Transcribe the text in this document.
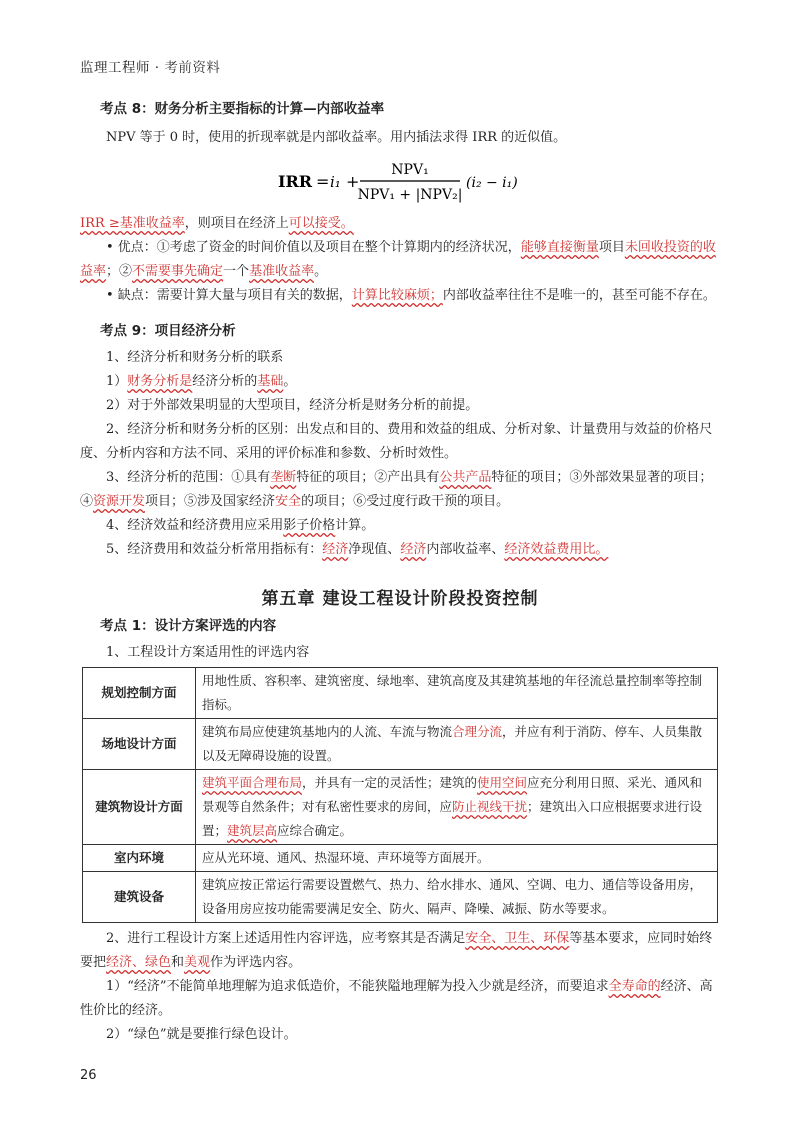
监理工程师 · 考前资料
考点 8：财务分析主要指标的计算—内部收益率

NPV 等于 0 时，使用的折现率就是内部收益率。用内插法求得 IRR 的近似值。

IRR = i₁ +
NPV₁
NPV₁ + |NPV₂|
(i₂ − i₁)

IRR ≥基准收益率，则项目在经济上可以接受。

• 优点：①考虑了资金的时间价值以及项目在整个计算期内的经济状况，能够直接衡量项目未回收投资的收益率；②不需要事先确定一个基准收益率。

• 缺点：需要计算大量与项目有关的数据，计算比较麻烦；内部收益率往往不是唯一的，甚至可能不存在。

考点 9：项目经济分析

1、经济分析和财务分析的联系

1）财务分析是经济分析的基础。

2）对于外部效果明显的大型项目，经济分析是财务分析的前提。

2、经济分析和财务分析的区别：出发点和目的、费用和效益的组成、分析对象、计量费用与效益的价格尺度、分析内容和方法不同、采用的评价标准和参数、分析时效性。

3、经济分析的范围：①具有垄断特征的项目；②产出具有公共产品特征的项目；③外部效果显著的项目；④资源开发项目；⑤涉及国家经济安全的项目；⑥受过度行政干预的项目。

4、经济效益和经济费用应采用影子价格计算。

5、经济费用和效益分析常用指标有：经济净现值、经济内部收益率、经济效益费用比。

第五章 建设工程设计阶段投资控制
考点 1：设计方案评选的内容

1、工程设计方案适用性的评选内容

规划控制方面	用地性质、容积率、建筑密度、绿地率、建筑高度及其建筑基地的年径流总量控制率等控制指标。
场地设计方面	建筑布局应使建筑基地内的人流、车流与物流合理分流，并应有利于消防、停车、人员集散以及无障碍设施的设置。
建筑物设计方面	建筑平面合理布局，并具有一定的灵活性；建筑的使用空间应充分利用日照、采光、通风和景观等自然条件；对有私密性要求的房间，应防止视线干扰；建筑出入口应根据要求进行设置；建筑层高应综合确定。
室内环境	应从光环境、通风、热湿环境、声环境等方面展开。
建筑设备	建筑应按正常运行需要设置燃气、热力、给水排水、通风、空调、电力、通信等设备用房，设备用房应按功能需要满足安全、防火、隔声、降噪、减振、防水等要求。

2、进行工程设计方案上述适用性内容评选，应考察其是否满足安全、卫生、环保等基本要求，应同时始终要把经济、绿色和美观作为评选内容。

1）“经济”不能简单地理解为追求低造价，不能狭隘地理解为投入少就是经济，而要追求全寿命的经济、高性价比的经济。

2）“绿色”就是要推行绿色设计。

26
